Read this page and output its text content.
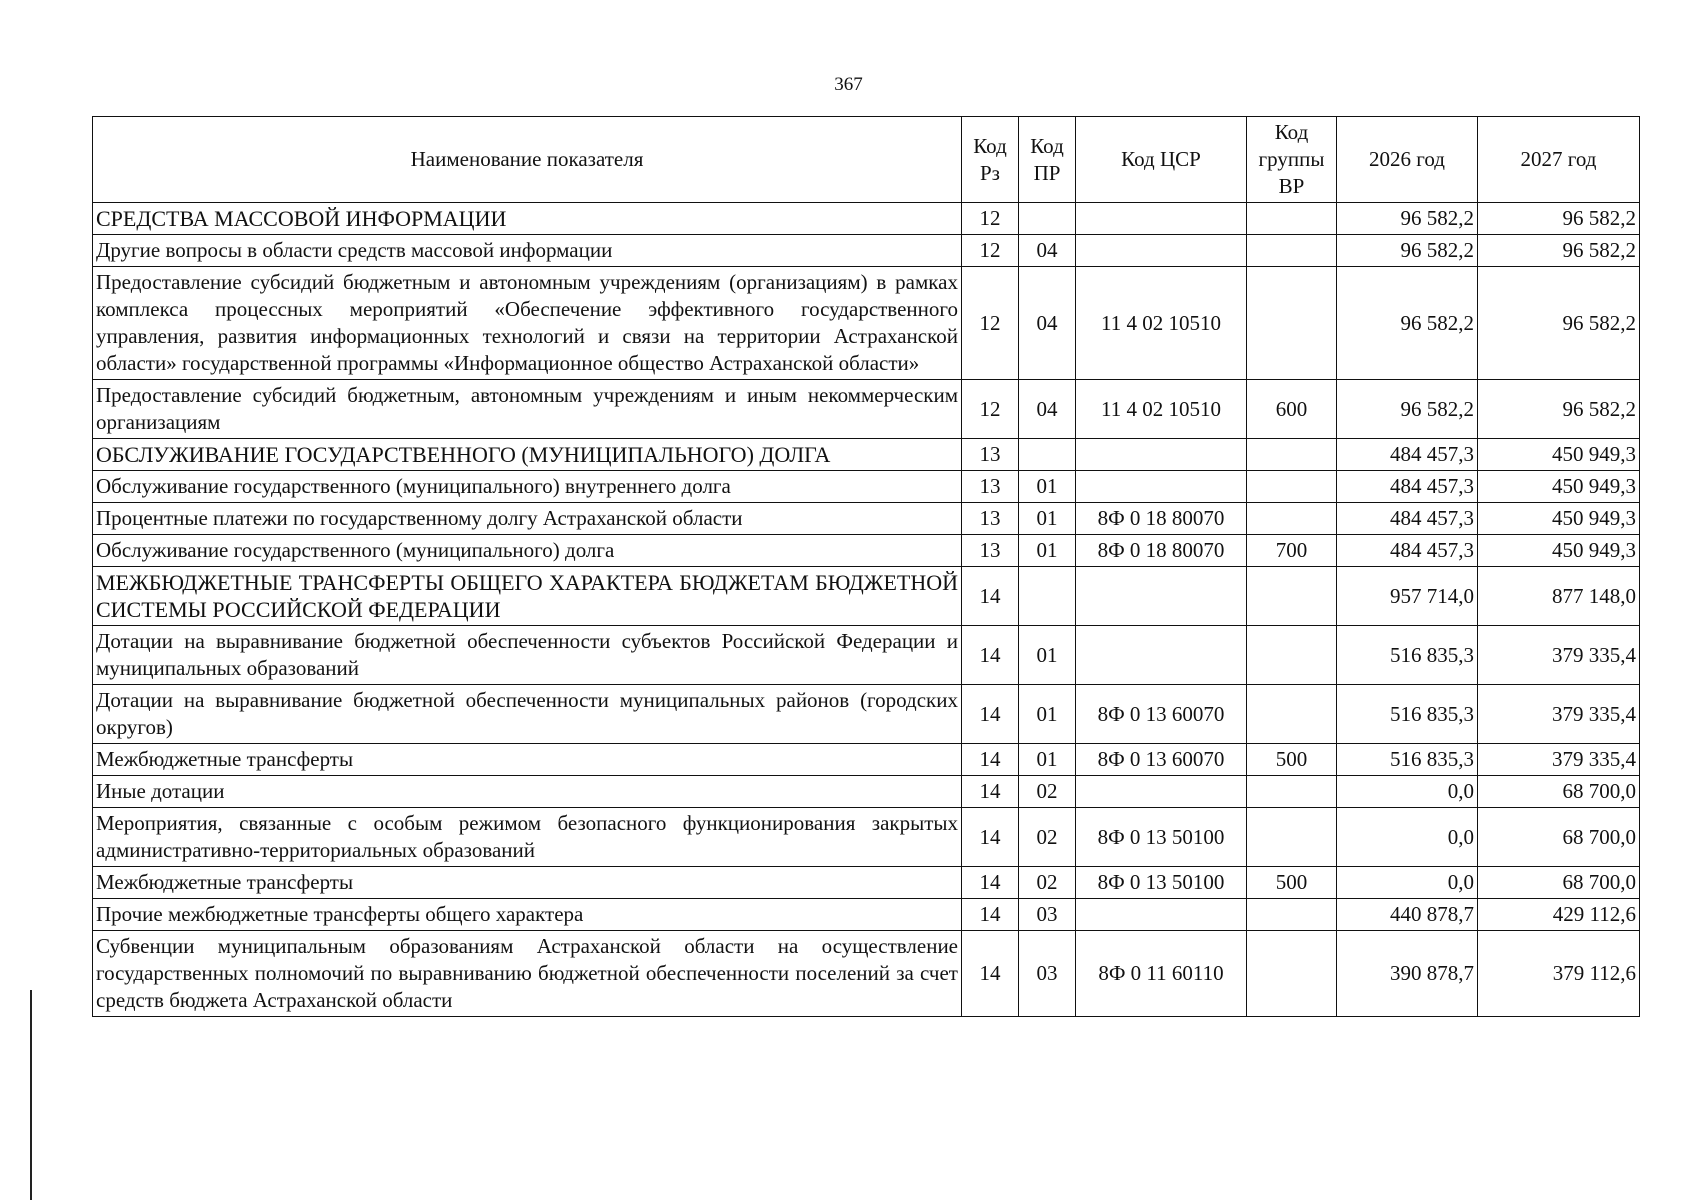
367
Наименование показателя	Код Рз	Код ПР	Код ЦСР	Код группы ВР	2026 год	2027 год
СРЕДСТВА МАССОВОЙ ИНФОРМАЦИИ	12				96 582,2	96 582,2
Другие вопросы в области средств массовой информации	12	04			96 582,2	96 582,2
Предоставление субсидий бюджетным и автономным учреждениям (организациям) в рамках комплекса процессных мероприятий «Обеспечение эффективного государственного управления, развития информационных технологий и связи на территории Астраханской области» государственной программы «Информационное общество Астраханской области»	12	04	11 4 02 10510		96 582,2	96 582,2
Предоставление субсидий бюджетным, автономным учреждениям и иным некоммерческим организациям	12	04	11 4 02 10510	600	96 582,2	96 582,2
ОБСЛУЖИВАНИЕ ГОСУДАРСТВЕННОГО (МУНИЦИПАЛЬНОГО) ДОЛГА	13				484 457,3	450 949,3
Обслуживание государственного (муниципального) внутреннего долга	13	01			484 457,3	450 949,3
Процентные платежи по государственному долгу Астраханской области	13	01	8Ф 0 18 80070		484 457,3	450 949,3
Обслуживание государственного (муниципального) долга	13	01	8Ф 0 18 80070	700	484 457,3	450 949,3
МЕЖБЮДЖЕТНЫЕ ТРАНСФЕРТЫ ОБЩЕГО ХАРАКТЕРА БЮДЖЕТАМ БЮДЖЕТНОЙ СИСТЕМЫ РОССИЙСКОЙ ФЕДЕРАЦИИ	14				957 714,0	877 148,0
Дотации на выравнивание бюджетной обеспеченности субъектов Российской Федерации и муниципальных образований	14	01			516 835,3	379 335,4
Дотации на выравнивание бюджетной обеспеченности муниципальных районов (городских округов)	14	01	8Ф 0 13 60070		516 835,3	379 335,4
Межбюджетные трансферты	14	01	8Ф 0 13 60070	500	516 835,3	379 335,4
Иные дотации	14	02			0,0	68 700,0
Мероприятия, связанные с особым режимом безопасного функционирования закрытых административно-территориальных образований	14	02	8Ф 0 13 50100		0,0	68 700,0
Межбюджетные трансферты	14	02	8Ф 0 13 50100	500	0,0	68 700,0
Прочие межбюджетные трансферты общего характера	14	03			440 878,7	429 112,6
Субвенции муниципальным образованиям Астраханской области на осуществление государственных полномочий по выравниванию бюджетной обеспеченности поселений за счет средств бюджета Астраханской области	14	03	8Ф 0 11 60110		390 878,7	379 112,6
